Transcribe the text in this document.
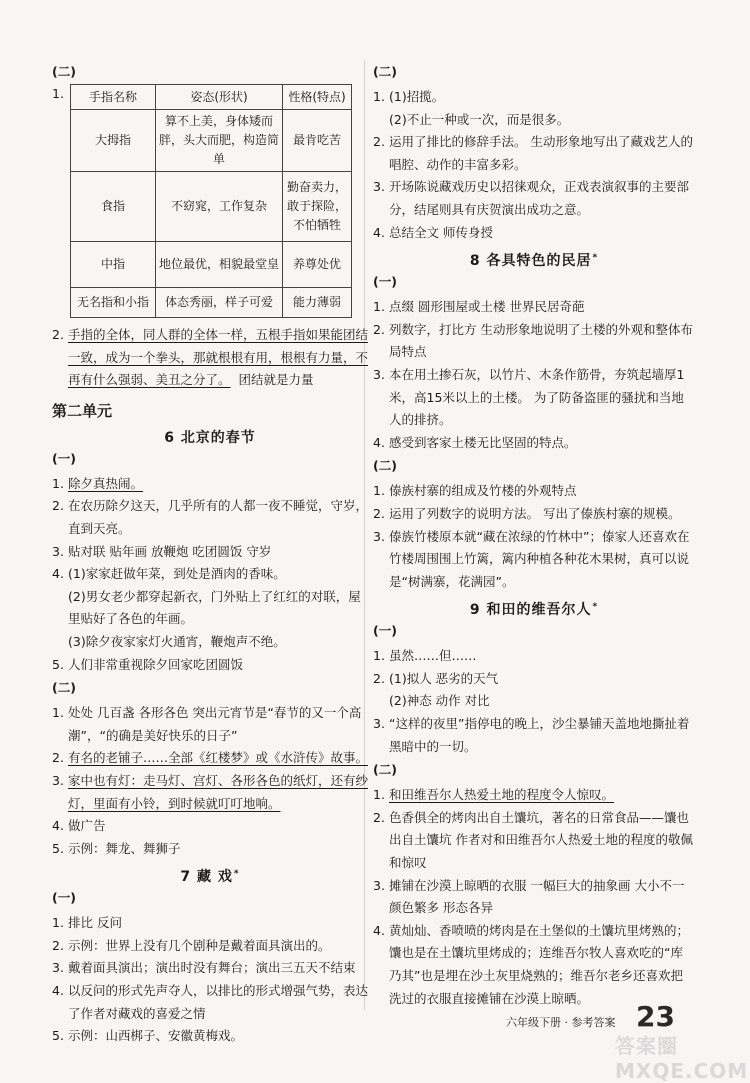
(二)
1.	手指名称	姿态(形状)	性格(特点)
大拇指	算不上美，身体矮而胖，头大而肥，构造简单	最肯吃苦
食指	不窈窕，工作复杂	勤奋卖力，敢于探险，不怕牺牲
中指	地位最优，相貌最堂皇	养尊处优
无名指和小指	体态秀丽，样子可爱	能力薄弱
2. 手指的全体，同人群的全体一样，五根手指如果能团结一致，成为一个拳头，那就根根有用，根根有力量，不再有什么强弱、美丑之分了。 团结就是力量
第二单元
6 北京的春节
(一)
1. 除夕真热闹。
2. 在农历除夕这天，几乎所有的人都一夜不睡觉，守岁，直到天亮。
3. 贴对联 贴年画 放鞭炮 吃团圆饭 守岁
4. (1)家家赶做年菜，到处是酒肉的香味。
(2)男女老少都穿起新衣，门外贴上了红红的对联，屋里贴好了各色的年画。
(3)除夕夜家家灯火通宵，鞭炮声不绝。
5. 人们非常重视除夕回家吃团圆饭
(二)
1. 处处 几百盏 各形各色 突出元宵节是“春节的又一个高潮”，“的确是美好快乐的日子”
2. 有名的老铺子……全部《红楼梦》或《水浒传》故事。
3. 家中也有灯：走马灯、宫灯、各形各色的纸灯，还有纱灯，里面有小铃，到时候就叮叮地响。
4. 做广告
5. 示例：舞龙、舞狮子
7 藏 戏*
(一)
1. 排比 反问
2. 示例：世界上没有几个剧种是戴着面具演出的。
3. 戴着面具演出；演出时没有舞台；演出三五天不结束
4. 以反问的形式先声夺人，以排比的形式增强气势，表达了作者对藏戏的喜爱之情
5. 示例：山西梆子、安徽黄梅戏。
(二)
1. (1)招揽。
(2)不止一种或一次，而是很多。
2. 运用了排比的修辞手法。 生动形象地写出了藏戏艺人的唱腔、动作的丰富多彩。
3. 开场陈说藏戏历史以招徕观众，正戏表演叙事的主要部分，结尾则具有庆贺演出成功之意。
4. 总结全文 师传身授
8 各具特色的民居*
(一)
1. 点缀 圆形围屋或土楼 世界民居奇葩
2. 列数字，打比方 生动形象地说明了土楼的外观和整体布局特点
3. 本在用土掺石灰，以竹片、木条作筋骨，夯筑起墙厚1米，高15米以上的土楼。 为了防备盗匪的骚扰和当地人的排挤。
4. 感受到客家土楼无比坚固的特点。
(二)
1. 傣族村寨的组成及竹楼的外观特点
2. 运用了列数字的说明方法。 写出了傣族村寨的规模。
3. 傣族竹楼原本就“藏在浓绿的竹林中”；傣家人还喜欢在竹楼周围围上竹篱，篱内种植各种花木果树，真可以说是“树满寨，花满园”。
9 和田的维吾尔人*
(一)
1. 虽然……但……
2. (1)拟人 恶劣的天气
(2)神态 动作 对比
3. “这样的夜里”指停电的晚上，沙尘暴铺天盖地地撕扯着黑暗中的一切。
(二)
1. 和田维吾尔人热爱土地的程度令人惊叹。
2. 色香俱全的烤肉出自土馕坑，著名的日常食品——馕也出自土馕坑 作者对和田维吾尔人热爱土地的程度的敬佩和惊叹
3. 摊铺在沙漠上晾晒的衣服 一幅巨大的抽象画 大小不一 颜色繁多 形态各异
4. 黄灿灿、香喷喷的烤肉是在土堡似的土馕坑里烤熟的；馕也是在土馕坑里烤成的；连维吾尔牧人喜欢吃的“库乃其”也是埋在沙土灰里烧熟的；维吾尔老乡还喜欢把洗过的衣服直接摊铺在沙漠上晾晒。
六年级下册 · 参考答案 23
答案圈 MXQE.COM
